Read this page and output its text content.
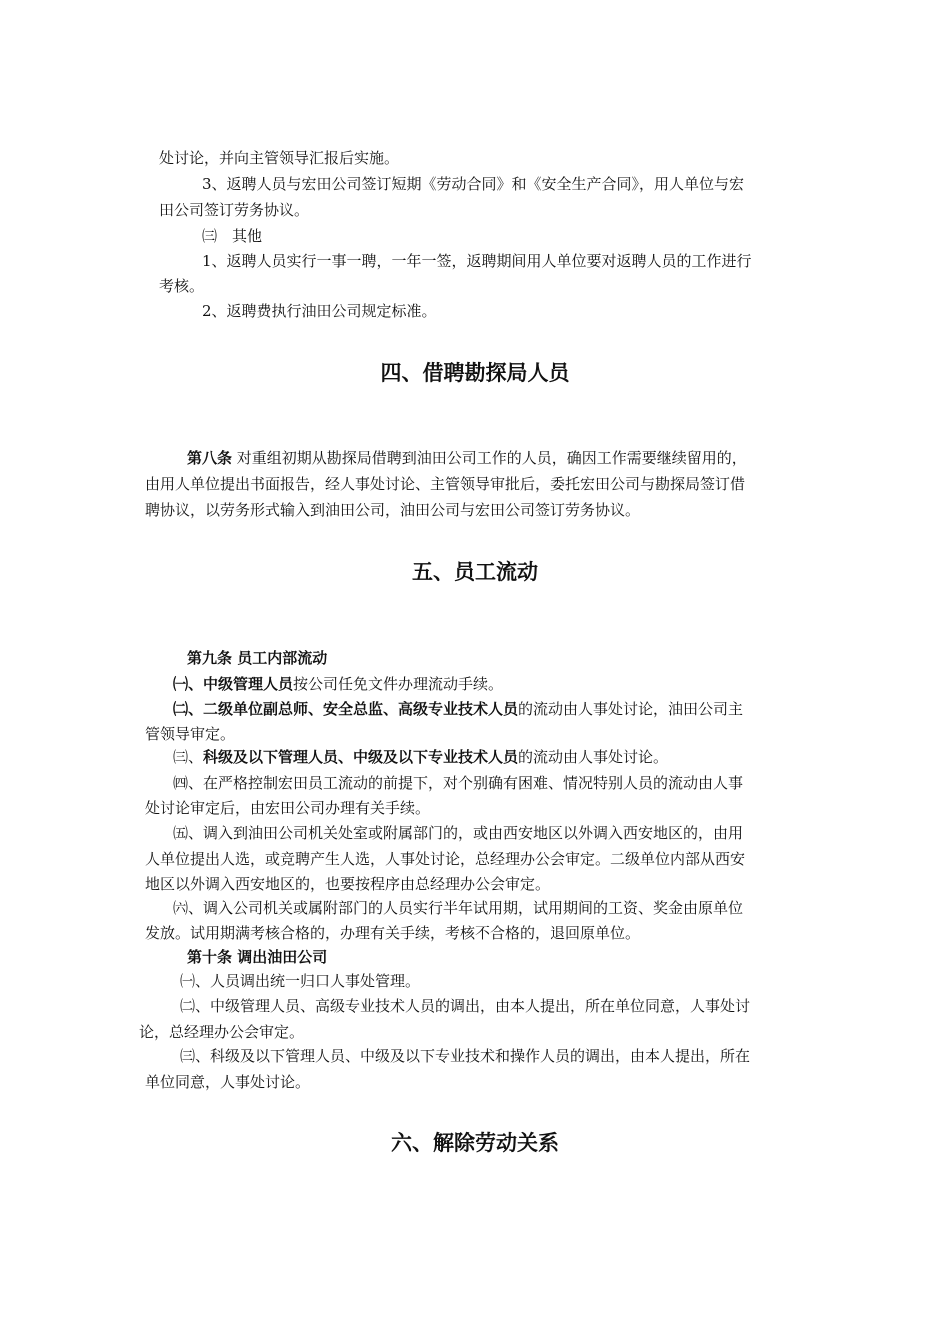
处讨论，并向主管领导汇报后实施。
3、返聘人员与宏田公司签订短期《劳动合同》和《安全生产合同》，用人单位与宏
田公司签订劳务协议。
㈢　其他
1、返聘人员实行一事一聘，一年一签，返聘期间用人单位要对返聘人员的工作进行
考核。
2、返聘费执行油田公司规定标准。
四、借聘勘探局人员
第八条 对重组初期从勘探局借聘到油田公司工作的人员，确因工作需要继续留用的，
由用人单位提出书面报告，经人事处讨论、主管领导审批后，委托宏田公司与勘探局签订借
聘协议，以劳务形式输入到油田公司，油田公司与宏田公司签订劳务协议。
五、员工流动
第九条 员工内部流动
㈠、中级管理人员按公司任免文件办理流动手续。
㈡、二级单位副总师、安全总监、高级专业技术人员的流动由人事处讨论，油田公司主
管领导审定。
㈢、科级及以下管理人员、中级及以下专业技术人员的流动由人事处讨论。
㈣、在严格控制宏田员工流动的前提下，对个别确有困难、情况特别人员的流动由人事
处讨论审定后，由宏田公司办理有关手续。
㈤、调入到油田公司机关处室或附属部门的，或由西安地区以外调入西安地区的，由用
人单位提出人选，或竞聘产生人选，人事处讨论，总经理办公会审定。二级单位内部从西安
地区以外调入西安地区的，也要按程序由总经理办公会审定。
㈥、调入公司机关或属附部门的人员实行半年试用期，试用期间的工资、奖金由原单位
发放。试用期满考核合格的，办理有关手续，考核不合格的，退回原单位。
第十条 调出油田公司
㈠、人员调出统一归口人事处管理。
㈡、中级管理人员、高级专业技术人员的调出，由本人提出，所在单位同意，人事处讨
论，总经理办公会审定。
㈢、科级及以下管理人员、中级及以下专业技术和操作人员的调出，由本人提出，所在
单位同意，人事处讨论。
六、解除劳动关系
